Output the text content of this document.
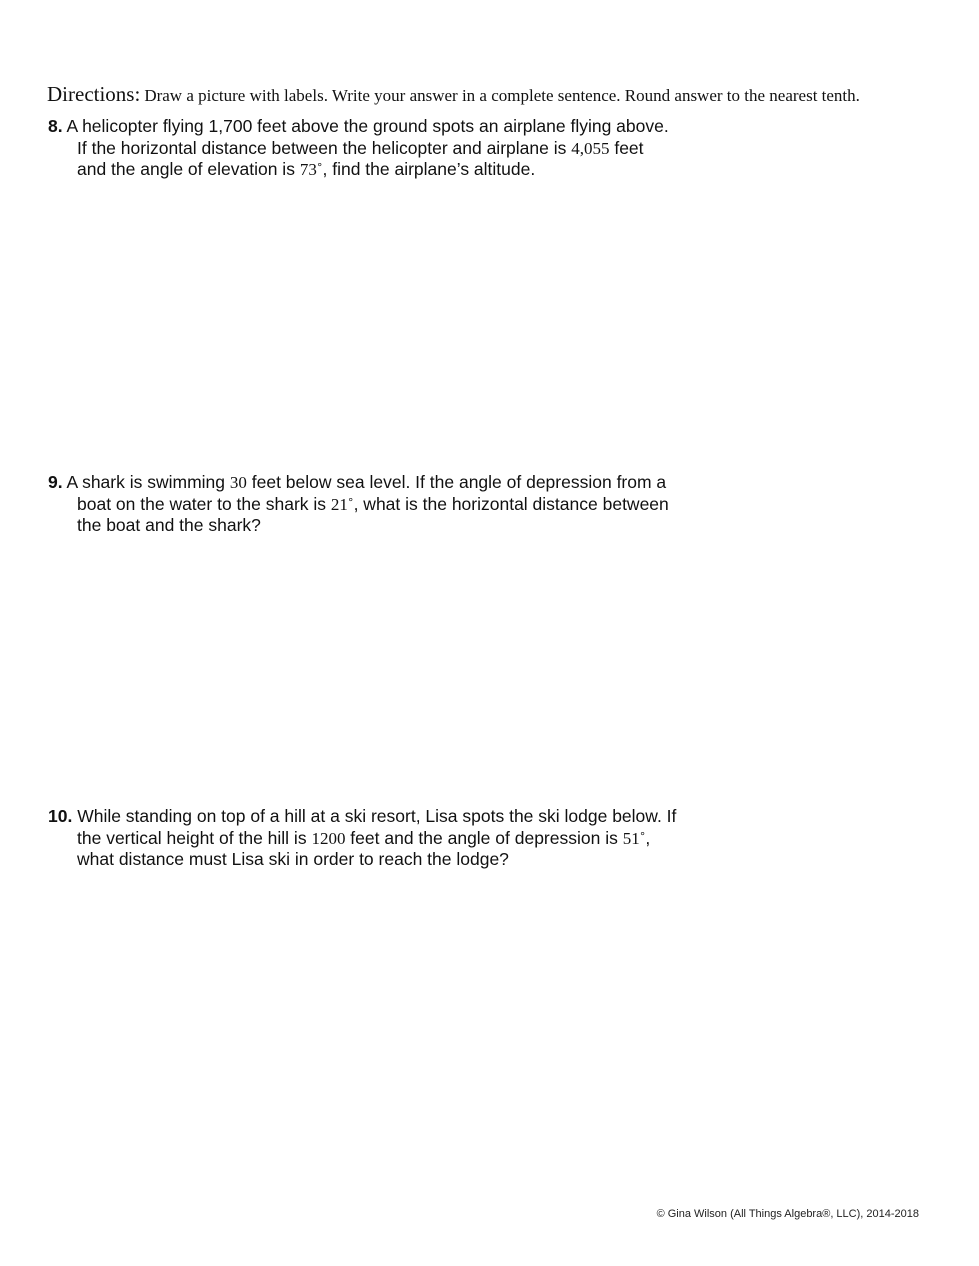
Directions: Draw a picture with labels. Write your answer in a complete sentence. Round answer to the nearest tenth.
8. A helicopter flying 1,700 feet above the ground spots an airplane flying above. If the horizontal distance between the helicopter and airplane is 4,055 feet and the angle of elevation is 73˚, find the airplane’s altitude.
9. A shark is swimming 30 feet below sea level. If the angle of depression from a boat on the water to the shark is 21˚, what is the horizontal distance between the boat and the shark?
10. While standing on top of a hill at a ski resort, Lisa spots the ski lodge below. If the vertical height of the hill is 1200 feet and the angle of depression is 51˚, what distance must Lisa ski in order to reach the lodge?
© Gina Wilson (All Things Algebra®, LLC), 2014-2018
